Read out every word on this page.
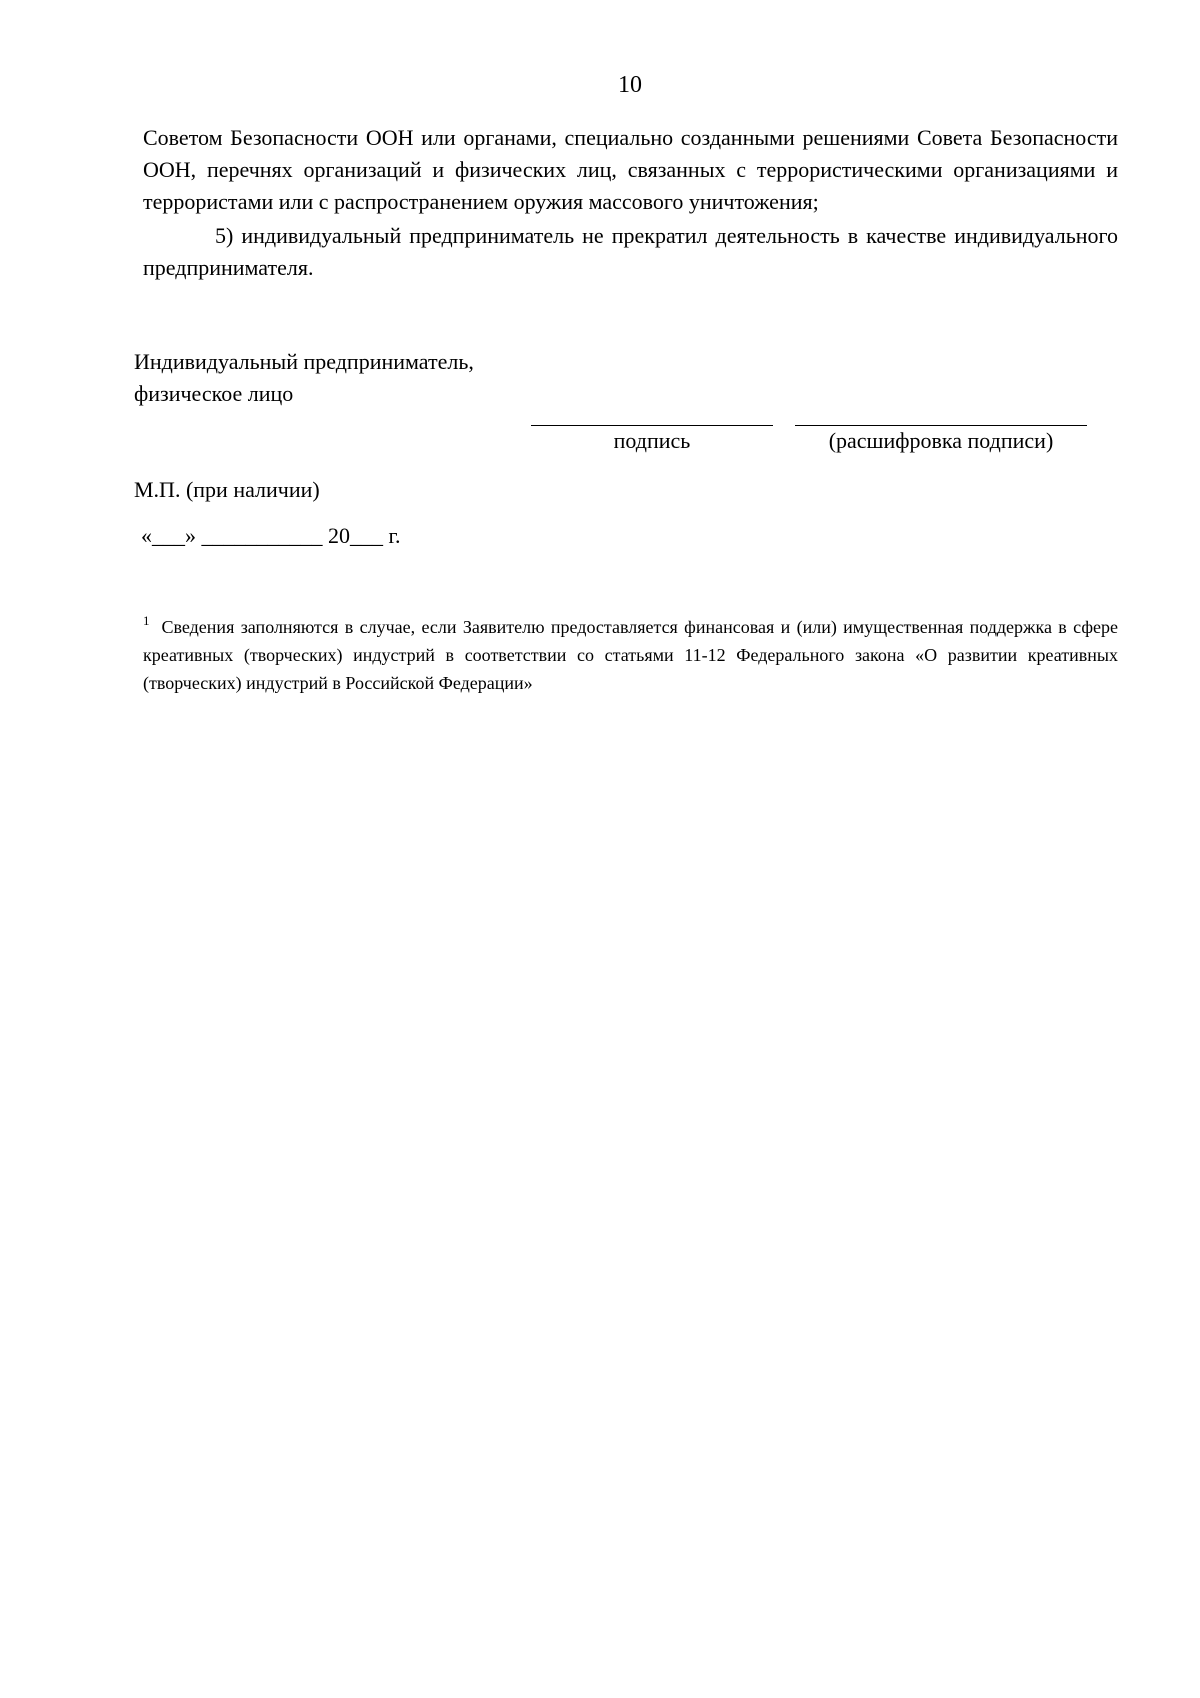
10

Советом Безопасности ООН или органами, специально созданными решениями Совета Безопасности ООН, перечнях организаций и физических лиц, связанных с террористическими организациями и террористами или с распространением оружия массового уничтожения;

5) индивидуальный предприниматель не прекратил деятельность в качестве индивидуального предпринимателя.

Индивидуальный предприниматель,
физическое лицо
подпись	(расшифровка подписи)
М.П. (при наличии)
«___» ___________ 20___ г.

$^1$ Сведения заполняются в случае, если Заявителю предоставляется финансовая и (или) имущественная поддержка в сфере креативных (творческих) индустрий в соответствии со статьями 11-12 Федерального закона «О развитии креативных (творческих) индустрий в Российской Федерации»
